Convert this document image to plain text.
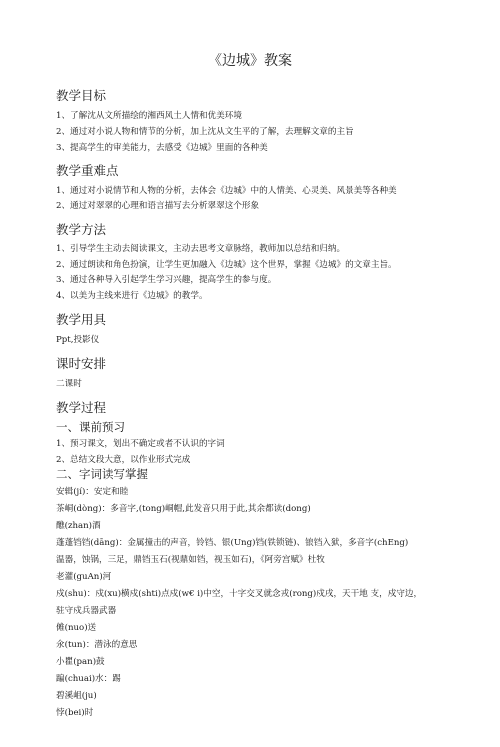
《边城》教案
教学目标
1、了解沈从文所描绘的湘西风土人情和优美环境
2、通过对小说人物和情节的分析，加上沈从文生平的了解，去理解文章的主旨
3、提高学生的审美能力，去感受《边城》里面的各种美
教学重难点
1、通过对小说情节和人物的分析，去体会《边城》中的人情美、心灵美、风景美等各种美
2、通过对翠翠的心理和语言描写去分析翠翠这个形象
教学方法
1、引导学生主动去阅读课文，主动去思考文章脉络，教师加以总结和归纳。
2、通过朗读和角色扮演，让学生更加融入《边城》这个世界，掌握《边城》的文章主旨。
3、通过各种导入引起学生学习兴趣，提高学生的参与度。
4、以美为主线来进行《边城》的教学。
教学用具
Ppt,投影仪
课时安排
二课时
教学过程
一、课前预习
1、预习课文，划出不确定或者不认识的字词
2、总结文段大意，以作业形式完成
二、字词读写掌握
安辑(jí)：安定和睦
茶峒(dòng)：多音字,(tong)峒帽,此发音只用于此,其余都读(dong)
醮(zhan)酒
蓬蓬铛铛(dāng)：金属撞击的声音，铃铛、银(Ung)铛(铁锁链)、锒铛入狱，多音字(chEng)
温器，蚀锅，三足，鼎铛玉石(视鼎如铛，视玉如石)，《阿旁宫赋》杜牧
老灌(guAn)河
戍(shu)：戍(xu)横戍(shti)点戍(w€ i)中空，十字交叉就念戎(rong)戍戌，天干地 支，戍守边，
驻守戍兵器武器
傩(nuo)送
氽(tun)：潜泳的意思
小瞿(pan)鼓
蹁(chuai)水：踢
碧溪岨(ju)
悖(bei)时
